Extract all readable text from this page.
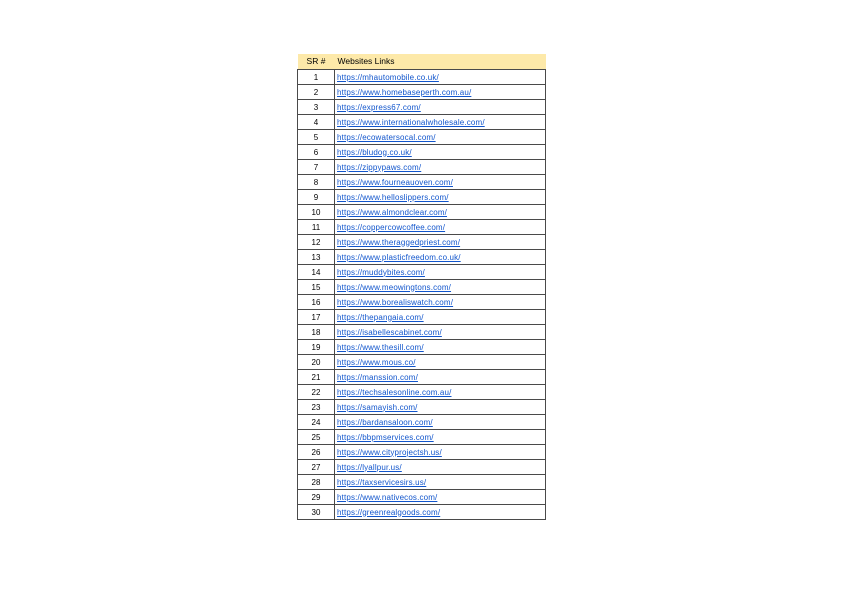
SR #	Websites Links
1	https://mhautomobile.co.uk/
2	https://www.homebaseperth.com.au/
3	https://express67.com/
4	https://www.internationalwholesale.com/
5	https://ecowatersocal.com/
6	https://bludog.co.uk/
7	https://zippypaws.com/
8	https://www.fourneauoven.com/
9	https://www.helloslippers.com/
10	https://www.almondclear.com/
11	https://coppercowcoffee.com/
12	https://www.theraggedpriest.com/
13	https://www.plasticfreedom.co.uk/
14	https://muddybites.com/
15	https://www.meowingtons.com/
16	https://www.borealiswatch.com/
17	https://thepangaia.com/
18	https://isabellescabinet.com/
19	https://www.thesill.com/
20	https://www.mous.co/
21	https://manssion.com/
22	https://techsalesonline.com.au/
23	https://samayish.com/
24	https://bardansaloon.com/
25	https://bbpmservices.com/
26	https://www.cityprojectsh.us/
27	https://lyallpur.us/
28	https://taxservicesirs.us/
29	https://www.nativecos.com/
30	https://greenrealgoods.com/
